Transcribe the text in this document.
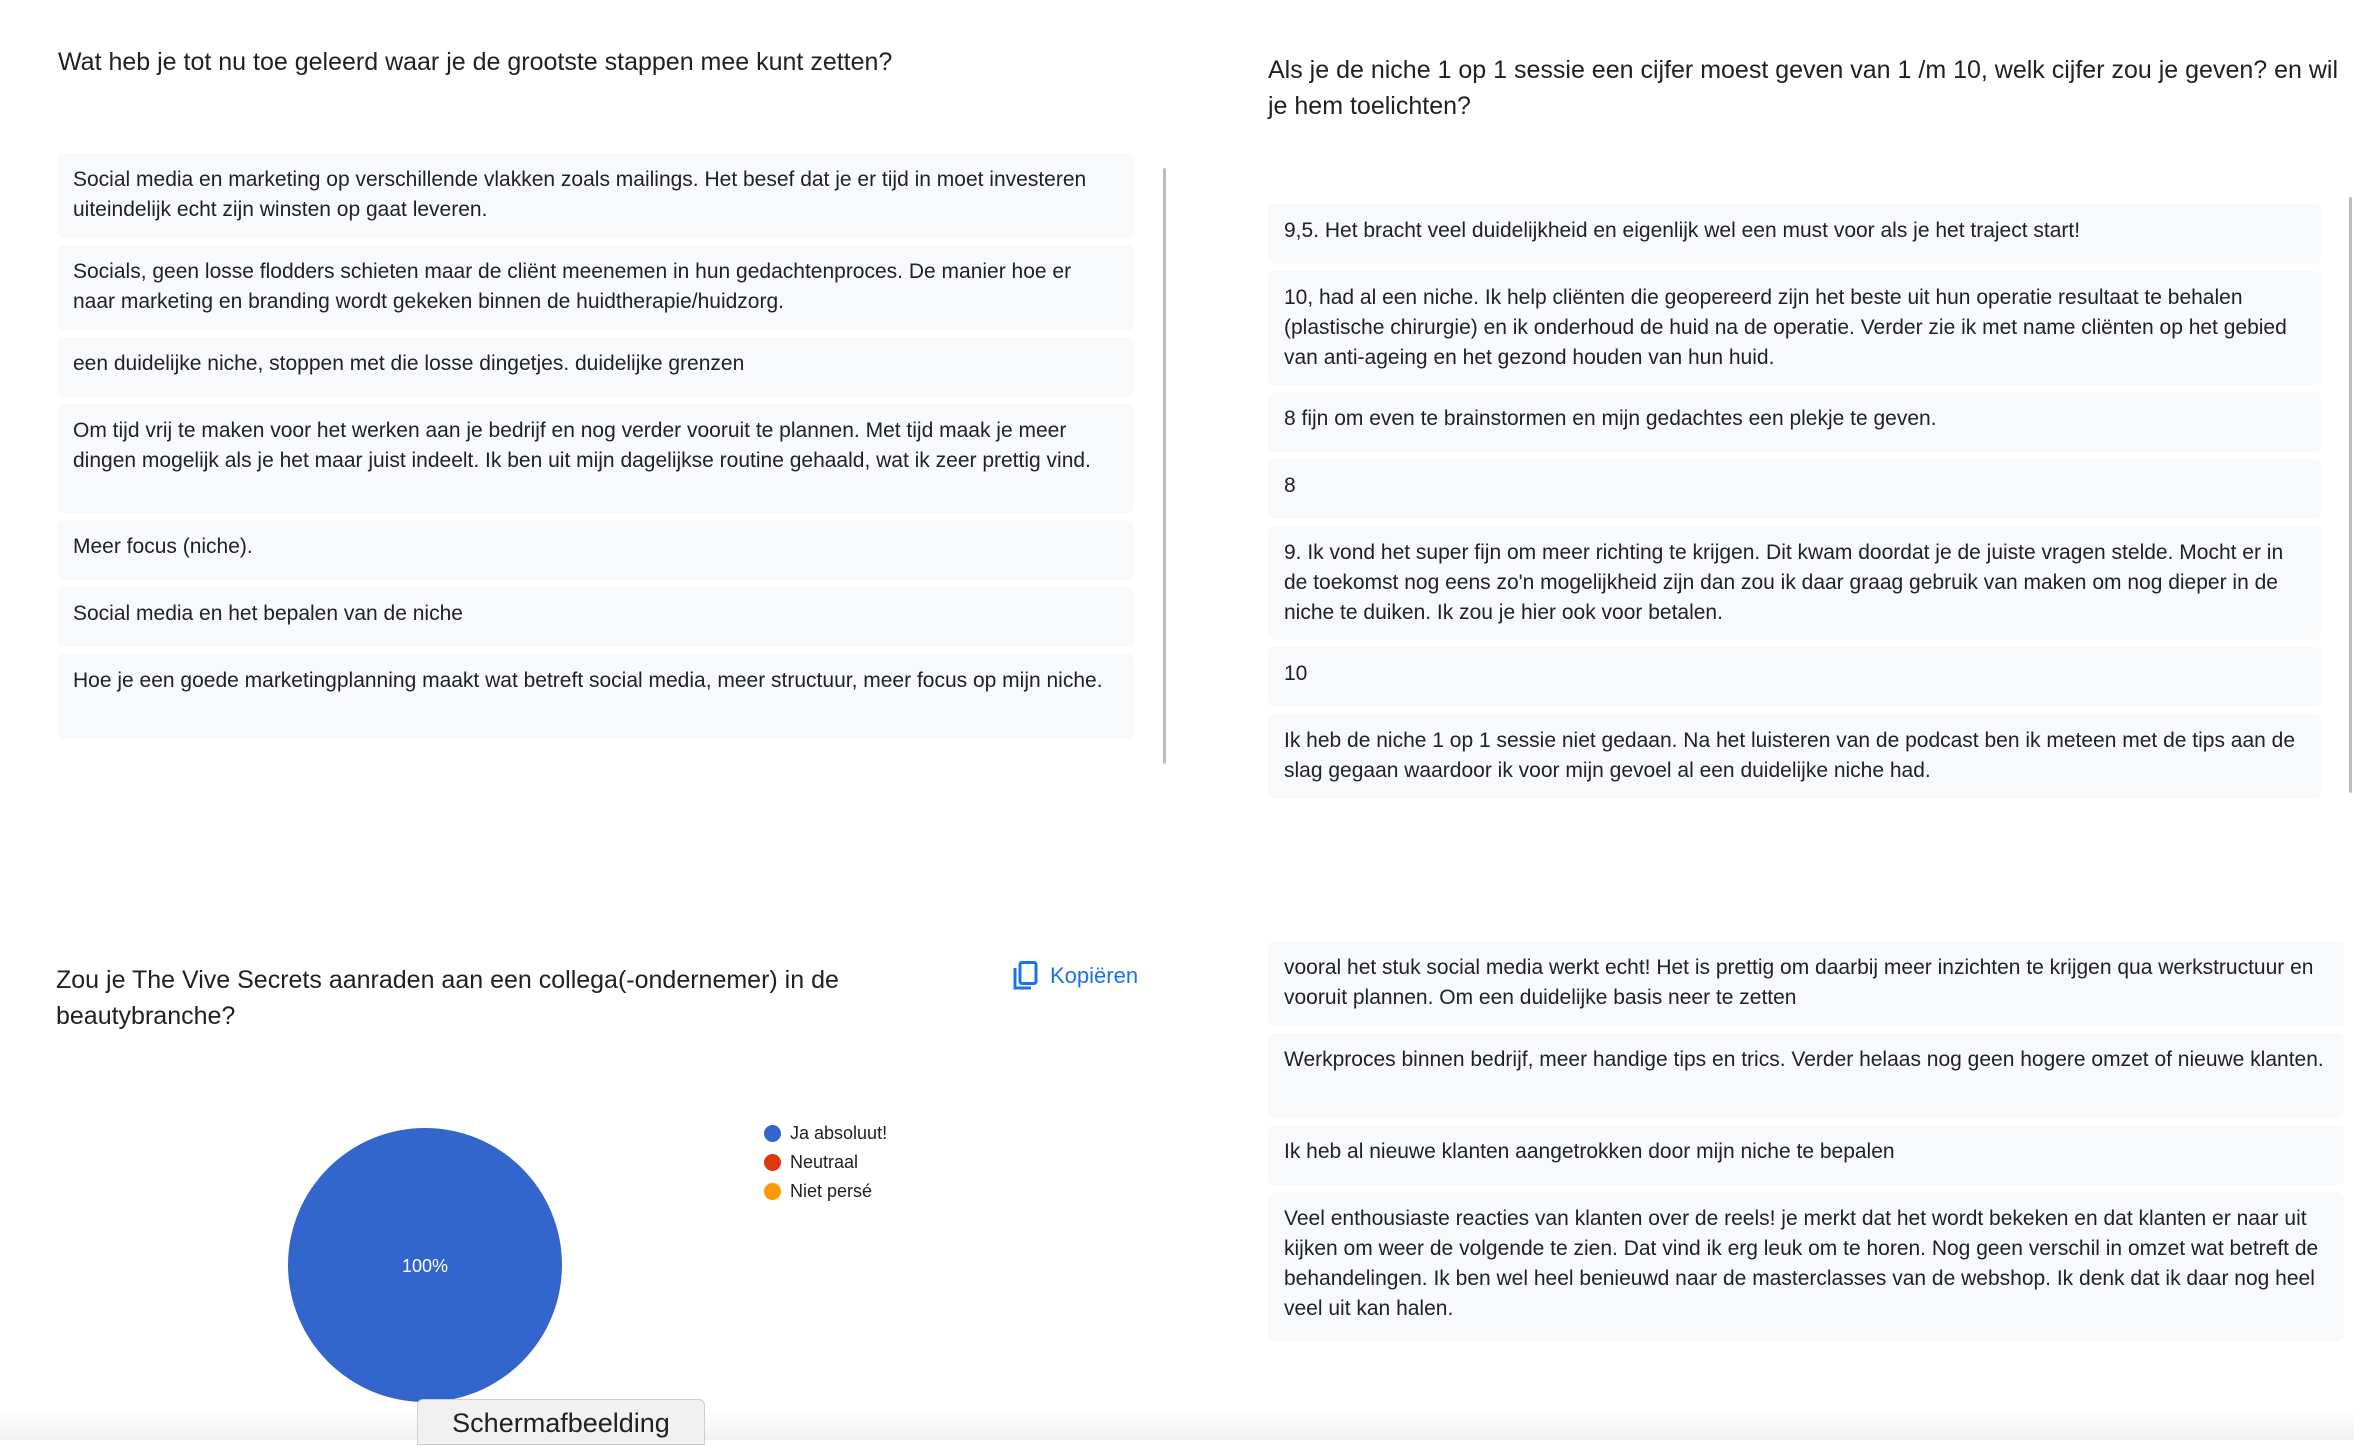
Wat heb je tot nu toe geleerd waar je de grootste stappen mee kunt zetten?
Social media en marketing op verschillende vlakken zoals mailings. Het besef dat je er tijd in moet investeren uiteindelijk echt zijn winsten op gaat leveren.
Socials, geen losse flodders schieten maar de cliënt meenemen in hun gedachtenproces. De manier hoe er naar marketing en branding wordt gekeken binnen de huidtherapie/huidzorg.
een duidelijke niche, stoppen met die losse dingetjes. duidelijke grenzen
Om tijd vrij te maken voor het werken aan je bedrijf en nog verder vooruit te plannen. Met tijd maak je meer dingen mogelijk als je het maar juist indeelt. Ik ben uit mijn dagelijkse routine gehaald, wat ik zeer prettig vind.
Meer focus (niche).
Social media en het bepalen van de niche
Hoe je een goede marketingplanning maakt wat betreft social media, meer structuur, meer focus op mijn niche.
Als je de niche 1 op 1 sessie een cijfer moest geven van 1 /m 10, welk cijfer zou je geven? en wil je hem toelichten?
9,5. Het bracht veel duidelijkheid en eigenlijk wel een must voor als je het traject start!
10, had al een niche. Ik help cliënten die geopereerd zijn het beste uit hun operatie resultaat te behalen (plastische chirurgie) en ik onderhoud de huid na de operatie. Verder zie ik met name cliënten op het gebied van anti-ageing en het gezond houden van hun huid.
8 fijn om even te brainstormen en mijn gedachtes een plekje te geven.
8
9. Ik vond het super fijn om meer richting te krijgen. Dit kwam doordat je de juiste vragen stelde. Mocht er in de toekomst nog eens zo'n mogelijkheid zijn dan zou ik daar graag gebruik van maken om nog dieper in de niche te duiken. Ik zou je hier ook voor betalen.
10
Ik heb de niche 1 op 1 sessie niet gedaan. Na het luisteren van de podcast ben ik meteen met de tips aan de slag gegaan waardoor ik voor mijn gevoel al een duidelijke niche had.
Zou je The Vive Secrets aanraden aan een collega(-ondernemer) in de beautybranche?
Kopiëren
100%
Ja absoluut!
Neutraal
Niet persé
vooral het stuk social media werkt echt! Het is prettig om daarbij meer inzichten te krijgen qua werkstructuur en vooruit plannen. Om een duidelijke basis neer te zetten
Werkproces binnen bedrijf, meer handige tips en trics. Verder helaas nog geen hogere omzet of nieuwe klanten.
Ik heb al nieuwe klanten aangetrokken door mijn niche te bepalen
Veel enthousiaste reacties van klanten over de reels! je merkt dat het wordt bekeken en dat klanten er naar uit kijken om weer de volgende te zien. Dat vind ik erg leuk om te horen. Nog geen verschil in omzet wat betreft de behandelingen. Ik ben wel heel benieuwd naar de masterclasses van de webshop. Ik denk dat ik daar nog heel veel uit kan halen.
Schermafbeelding
